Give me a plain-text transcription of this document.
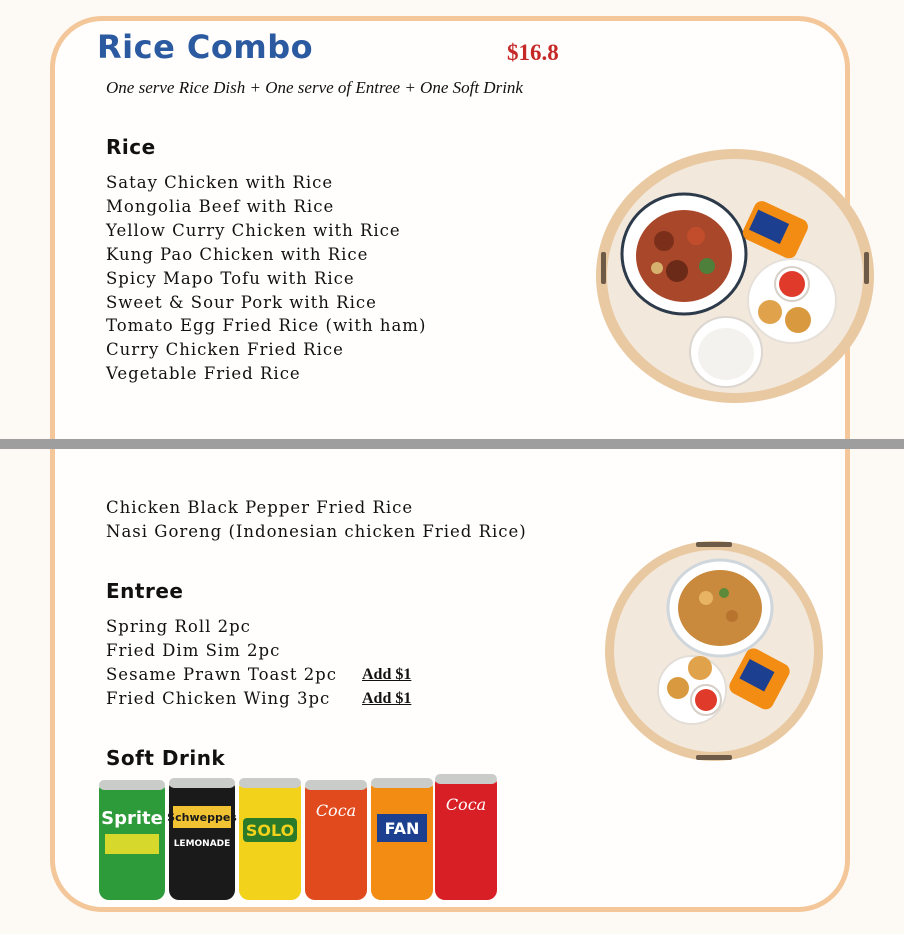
Rice Combo	$16.8
One serve Rice Dish + One serve of Entree + One Soft Drink
Rice
Satay Chicken with Rice
Mongolia Beef with Rice
Yellow Curry Chicken with Rice
Kung Pao Chicken with Rice
Spicy Mapo Tofu with Rice
Sweet & Sour Pork with Rice
Tomato Egg Fried Rice (with ham)
Curry Chicken Fried Rice
Vegetable Fried Rice
Chicken Black Pepper Fried Rice
Nasi Goreng (Indonesian chicken Fried Rice)
Entree
Spring Roll 2pc
Fried Dim Sim 2pc
Sesame Prawn Toast 2pc Add $1
Fried Chicken Wing 3pc Add $1
Soft Drink
Sprite Schweppes
LEMONADE
SOLO
Coca
FAN
Coca
